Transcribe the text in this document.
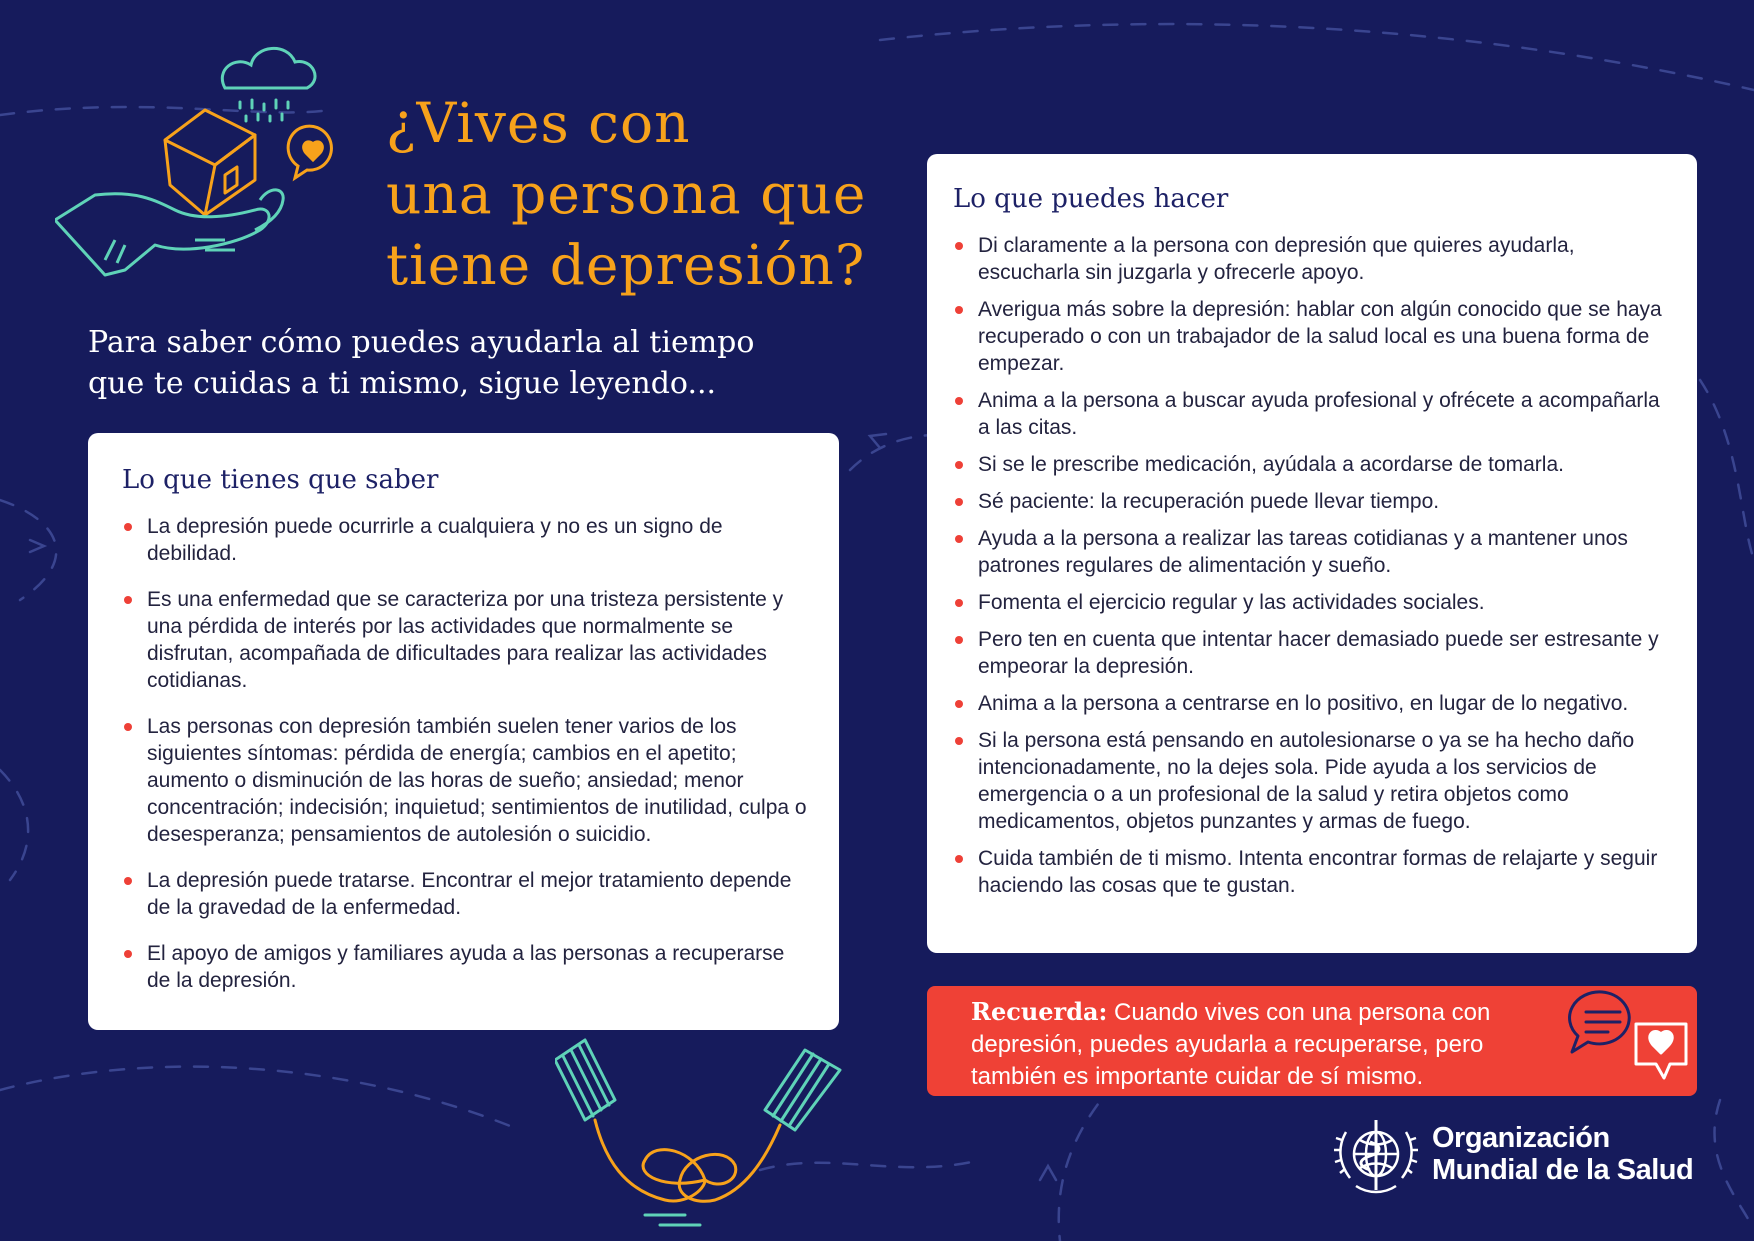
¿Vives con
una persona que
tiene depresión?
Para saber cómo puedes ayudarla al tiempo
que te cuidas a ti mismo, sigue leyendo...
Lo que tienes que saber
La depresión puede ocurrirle a cualquiera y no es un signo de debilidad.
Es una enfermedad que se caracteriza por una tristeza persistente y una pérdida de interés por las actividades que normalmente se disfrutan, acompañada de dificultades para realizar las actividades cotidianas.
Las personas con depresión también suelen tener varios de los siguientes síntomas: pérdida de energía; cambios en el apetito; aumento o disminución de las horas de sueño; ansiedad; menor concentración; indecisión; inquietud; sentimientos de inutilidad, culpa o desesperanza; pensamientos de autolesión o suicidio.
La depresión puede tratarse. Encontrar el mejor tratamiento depende de la gravedad de la enfermedad.
El apoyo de amigos y familiares ayuda a las personas a recuperarse de la depresión.
Lo que puedes hacer
Di claramente a la persona con depresión que quieres ayudarla, escucharla sin juzgarla y ofrecerle apoyo.
Averigua más sobre la depresión: hablar con algún conocido que se haya recuperado o con un trabajador de la salud local es una buena forma de empezar.
Anima a la persona a buscar ayuda profesional y ofrécete a acompañarla a las citas.
Si se le prescribe medicación, ayúdala a acordarse de tomarla.
Sé paciente: la recuperación puede llevar tiempo.
Ayuda a la persona a realizar las tareas cotidianas y a mantener unos patrones regulares de alimentación y sueño.
Fomenta el ejercicio regular y las actividades sociales.
Pero ten en cuenta que intentar hacer demasiado puede ser estresante y empeorar la depresión.
Anima a la persona a centrarse en lo positivo, en lugar de lo negativo.
Si la persona está pensando en autolesionarse o ya se ha hecho daño intencionadamente, no la dejes sola. Pide ayuda a los servicios de emergencia o a un profesional de la salud y retira objetos como medicamentos, objetos punzantes y armas de fuego.
Cuida también de ti mismo. Intenta encontrar formas de relajarte y seguir haciendo las cosas que te gustan.
Recuerda: Cuando vives con una persona con depresión, puedes ayudarla a recuperarse, pero también es importante cuidar de sí mismo.
Organización
Mundial de la Salud
